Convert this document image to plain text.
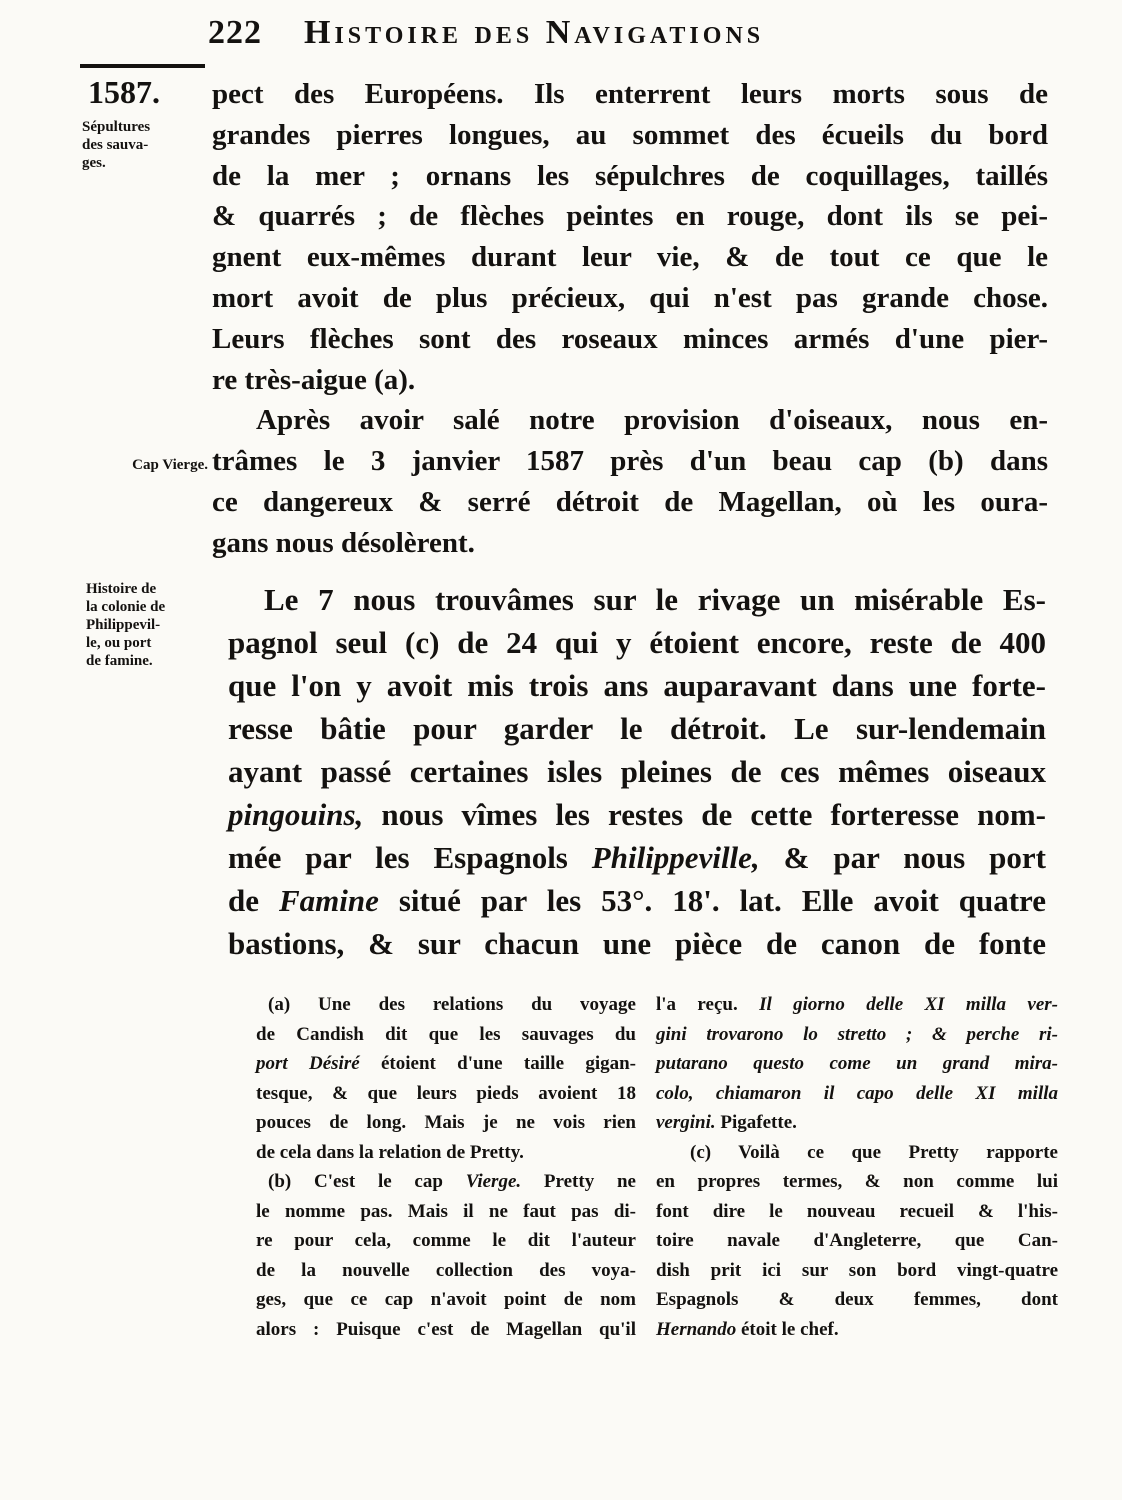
222	Histoire des Navigations
1587.
Sépultures
des sauva-
ges.
Cap Vierge.
Histoire de
la colonie de
Philippevil-
le, ou port
de famine.

pect des Européens. Ils enterrent leurs morts sous de
grandes pierres longues, au sommet des écueils du bord
de la mer ; ornans les sépulchres de coquillages, taillés
& quarrés ; de flèches peintes en rouge, dont ils se pei-
gnent eux-mêmes durant leur vie, & de tout ce que le
mort avoit de plus précieux, qui n'est pas grande chose.
Leurs flèches sont des roseaux minces armés d'une pier-
re très-aigue (a).

Après avoir salé notre provision d'oiseaux, nous en-
trâmes le 3 janvier 1587 près d'un beau cap (b) dans
ce dangereux & serré détroit de Magellan, où les oura-
gans nous désolèrent.

Le 7 nous trouvâmes sur le rivage un misérable Es-
pagnol seul (c) de 24 qui y étoient encore, reste de 400
que l'on y avoit mis trois ans auparavant dans une forte-
resse bâtie pour garder le détroit. Le sur-lendemain
ayant passé certaines isles pleines de ces mêmes oiseaux
pingouins, nous vîmes les restes de cette forteresse nom-
mée par les Espagnols Philippeville, & par nous port
de Famine situé par les 53°. 18'. lat. Elle avoit quatre
bastions, & sur chacun une pièce de canon de fonte
(a) Une des relations du voyage
de Candish dit que les sauvages du
port Désiré étoient d'une taille gigan-
tesque, & que leurs pieds avoient 18
pouces de long. Mais je ne vois rien
de cela dans la relation de Pretty.
(b) C'est le cap Vierge. Pretty ne
le nomme pas. Mais il ne faut pas di-
re pour cela, comme le dit l'auteur
de la nouvelle collection des voya-
ges, que ce cap n'avoit point de nom
alors : Puisque c'est de Magellan qu'il
l'a reçu. Il giorno delle XI milla ver-
gini trovarono lo stretto ; & perche ri-
putarano questo come un grand mira-
colo, chiamaron il capo delle XI milla
vergini. Pigafette.
(c) Voilà ce que Pretty rapporte
en propres termes, & non comme lui
font dire le nouveau recueil & l'his-
toire navale d'Angleterre, que Can-
dish prit ici sur son bord vingt-quatre
Espagnols & deux femmes, dont
Hernando étoit le chef.
